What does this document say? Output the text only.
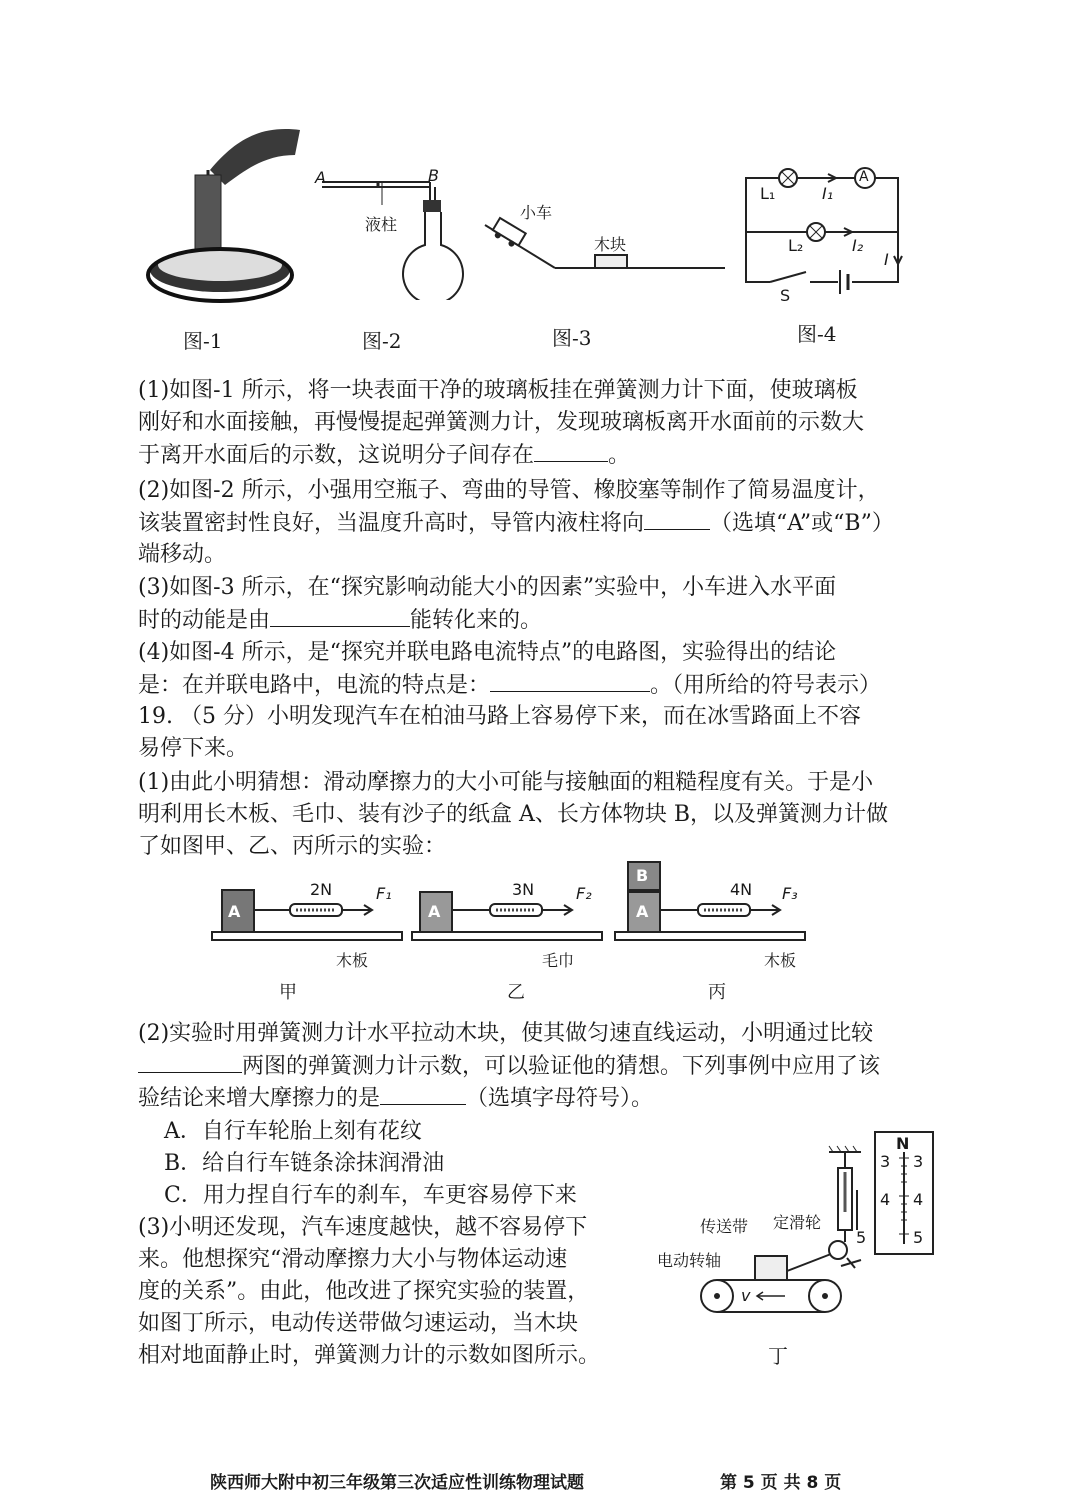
图-1
A	B
液柱
图-2
小车
木块
图-3
L₁	I₁
A
L₂	I₂
I
S
图-4
(1)如图-1 所示，将一块表面干净的玻璃板挂在弹簧测力计下面，使玻璃板
刚好和水面接触，再慢慢提起弹簧测力计，发现玻璃板离开水面前的示数大
于离开水面后的示数，这说明分子间存在	。
(2)如图-2 所示，小强用空瓶子、弯曲的导管、橡胶塞等制作了简易温度计，
该装置密封性良好，当温度升高时，导管内液柱将向	（选填“A”或“B”）
端移动。
(3)如图-3 所示，在“探究影响动能大小的因素”实验中，小车进入水平面
时的动能是由	能转化来的。
(4)如图-4 所示，是“探究并联电路电流特点”的电路图，实验得出的结论
是：在并联电路中，电流的特点是：	。（用所给的符号表示）
19. （5 分）小明发现汽车在柏油马路上容易停下来，而在冰雪路面上不容
易停下来。
(1)由此小明猜想：滑动摩擦力的大小可能与接触面的粗糙程度有关。于是小
明利用长木板、毛巾、装有沙子的纸盒 A、长方体物块 B，以及弹簧测力计做
了如图甲、乙、丙所示的实验：
A
2N	F₁
木板
甲
A
3N	F₂
毛巾
乙
B
A
4N F₃
木板
丙
(2)实验时用弹簧测力计水平拉动木块，使其做匀速直线运动，小明通过比较
两图的弹簧测力计示数，可以验证他的猜想。下列事例中应用了该
验结论来增大摩擦力的是	（选填字母符号）。
A．自行车轮胎上刻有花纹
B．给自行车链条涂抹润滑油
C．用力捏自行车的刹车，车更容易停下来
(3)小明还发现，汽车速度越快，越不容易停下
来。他想探究“滑动摩擦力大小与物体运动速
度的关系”。由此，他改进了探究实验的装置，
如图丁所示，电动传送带做匀速运动，当木块
相对地面静止时，弹簧测力计的示数如图所示。
N
3 3
4 4
5	5
传送带 定滑轮
电动转轴
v
丁
陕西师大附中初三年级第三次适应性训练物理试题	第 5 页 共 8 页
